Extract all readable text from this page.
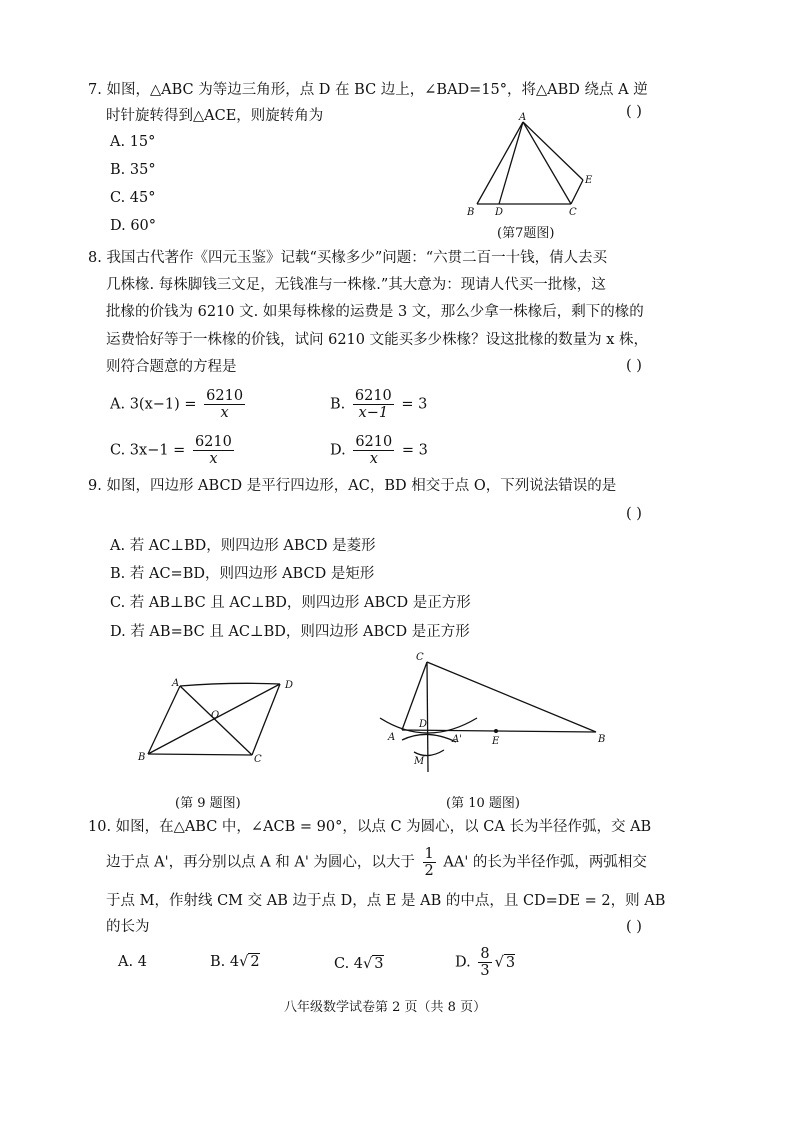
7. 如图，△ABC 为等边三角形，点 D 在 BC 边上，∠BAD=15°，将△ABD 绕点 A 逆
时针旋转得到△ACE，则旋转角为	( )
A. 15°
B. 35°
C. 45°
D. 60°
A
B D	C
E
(第7题图)
8. 我国古代著作《四元玉鉴》记载“买椽多少”问题：“六贯二百一十钱，倩人去买
几株椽. 每株脚钱三文足，无钱准与一株椽.”其大意为：现请人代买一批椽，这
批椽的价钱为 6210 文. 如果每株椽的运费是 3 文，那么少拿一株椽后，剩下的椽的
运费恰好等于一株椽的价钱，试问 6210 文能买多少株椽？设这批椽的数量为 x 株，
则符合题意的方程是	( )
A. $3(x-1) = \frac{6210}{x}$	B. $\frac{6210}{x-1} = 3$
C. $3x-1 = \frac{6210}{x}$	D. $\frac{6210}{x} = 3$
9. 如图，四边形 ABCD 是平行四边形，AC，BD 相交于点 O，下列说法错误的是
( )
A. 若 AC⊥BD，则四边形 ABCD 是菱形
B. 若 AC=BD，则四边形 ABCD 是矩形
C. 若 AB⊥BC 且 AC⊥BD，则四边形 ABCD 是正方形
D. 若 AB=BC 且 AC⊥BD，则四边形 ABCD 是正方形
A	D
O
B	C
(第 9 题图)
C
D
A	A'	E	B
M
(第 10 题图)
10. 如图，在△ABC 中，∠ACB = 90°，以点 C 为圆心，以 CA 长为半径作弧，交 AB
边于点 A'，再分别以点 A 和 A' 为圆心，以大于 $\frac{1}{2} AA'$ 的长为半径作弧，两弧相交
于点 M，作射线 CM 交 AB 边于点 D，点 E 是 AB 的中点，且 CD=DE = 2，则 AB
的长为	( )
A. 4	B. 4√ 2	C. 4√ 3	D. $\frac{8}{3}$ √ 3
八年级数学试卷第 2 页（共 8 页）
